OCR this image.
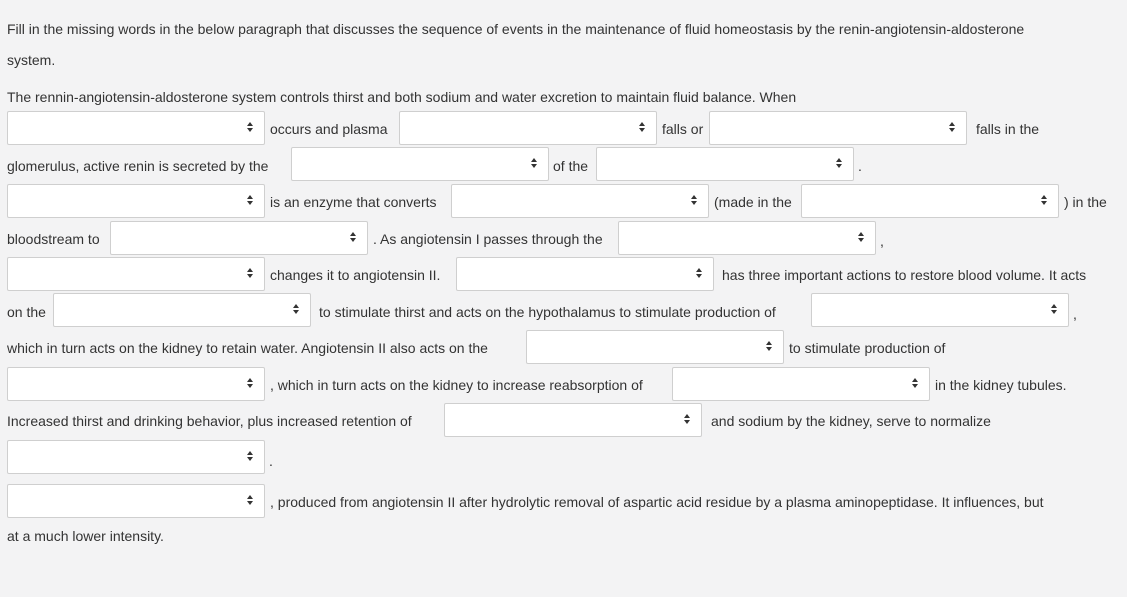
Fill in the missing words in the below paragraph that discusses the sequence of events in the maintenance of fluid homeostasis by the renin-angiotensin-aldosterone
system.
The rennin-angiotensin-aldosterone system controls thirst and both sodium and water excretion to maintain fluid balance. When
occurs and plasma	falls or	falls in the
glomerulus, active renin is secreted by the	of the	.
is an enzyme that converts	(made in the	) in the
bloodstream to	. As angiotensin I passes through the	,
changes it to angiotensin II.	has three important actions to restore blood volume. It acts
on the	to stimulate thirst and acts on the hypothalamus to stimulate production of	,
which in turn acts on the kidney to retain water. Angiotensin II also acts on the	to stimulate production of
, which in turn acts on the kidney to increase reabsorption of	in the kidney tubules.
Increased thirst and drinking behavior, plus increased retention of	and sodium by the kidney, serve to normalize
.
, produced from angiotensin II after hydrolytic removal of aspartic acid residue by a plasma aminopeptidase. It influences, but
at a much lower intensity.
